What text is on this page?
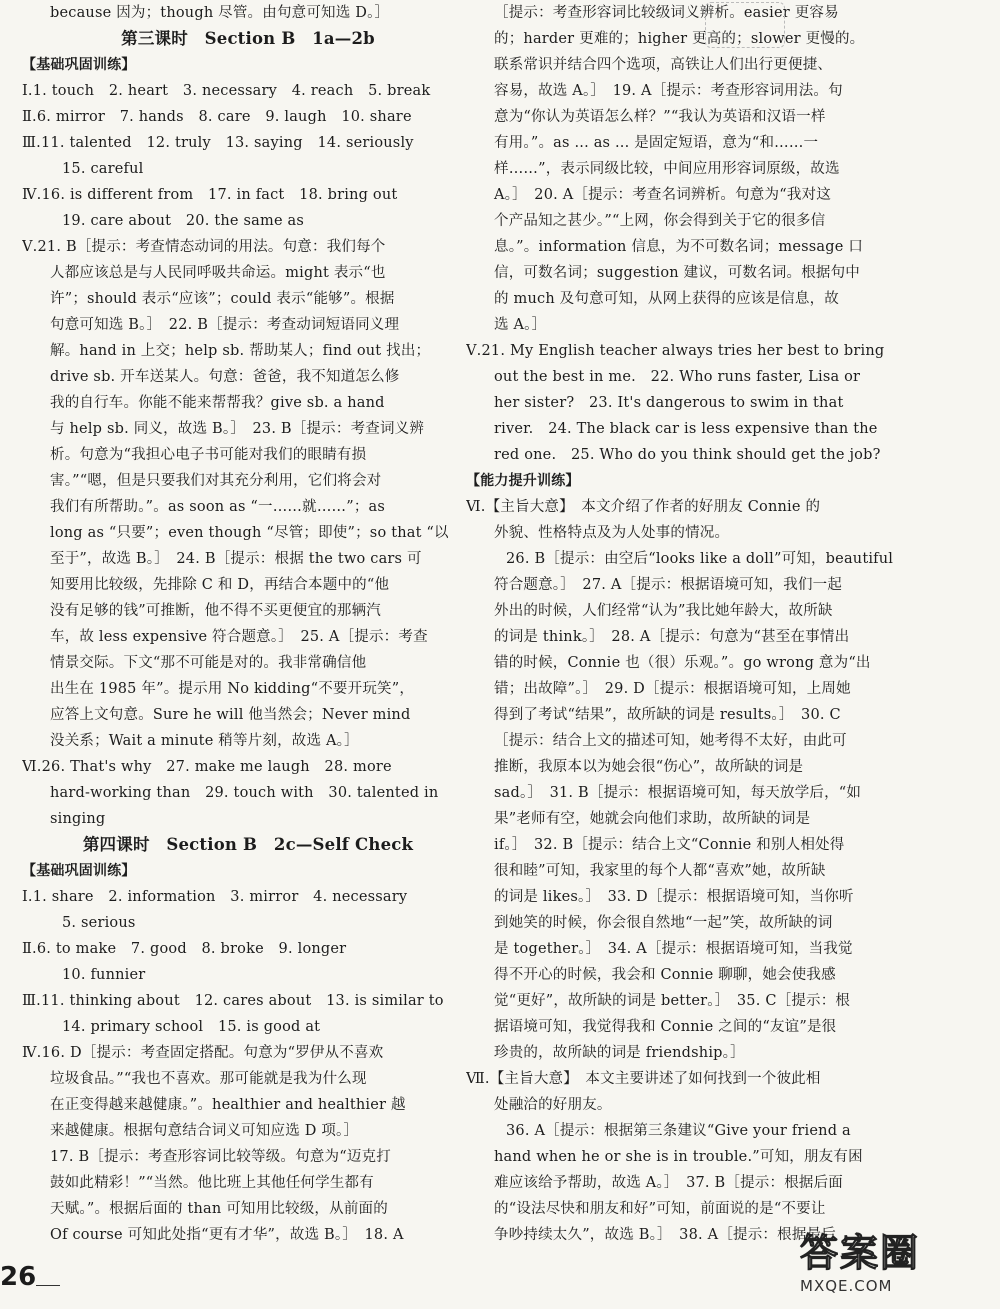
because 因为；though 尽管。由句意可知选 D。］
第三课时　Section B　1a—2b
【基础巩固训练】
Ⅰ.1. touch　2. heart　3. necessary　4. reach　5. break
Ⅱ.6. mirror　7. hands　8. care　9. laugh　10. share
Ⅲ.11. talented　12. truly　13. saying　14. seriously
15. careful
Ⅳ.16. is different from　17. in fact　18. bring out
19. care about　20. the same as
Ⅴ.21. B［提示：考查情态动词的用法。句意：我们每个
人都应该总是与人民同呼吸共命运。might 表示“也
许”；should 表示“应该”；could 表示“能够”。根据
句意可知选 B。］　22. B［提示：考查动词短语同义理
解。hand in 上交；help sb. 帮助某人；find out 找出；
drive sb. 开车送某人。句意：爸爸，我不知道怎么修
我的自行车。你能不能来帮帮我？give sb. a hand
与 help sb. 同义，故选 B。］　23. B［提示：考查词义辨
析。句意为“我担心电子书可能对我们的眼睛有损
害。”“嗯，但是只要我们对其充分利用，它们将会对
我们有所帮助。”。as soon as “一……就……”；as
long as “只要”；even though “尽管；即使”；so that “以
至于”，故选 B。］　24. B［提示：根据 the two cars 可
知要用比较级，先排除 C 和 D，再结合本题中的“他
没有足够的钱”可推断，他不得不买更便宜的那辆汽
车，故 less expensive 符合题意。］　25. A［提示：考查
情景交际。下文“那不可能是对的。我非常确信他
出生在 1985 年”。提示用 No kidding“不要开玩笑”，
应答上文句意。Sure he will 他当然会；Never mind
没关系；Wait a minute 稍等片刻，故选 A。］
Ⅵ.26. That's why　27. make me laugh　28. more
hard-working than　29. touch with　30. talented in
singing
第四课时　Section B　2c—Self Check
【基础巩固训练】
Ⅰ.1. share　2. information　3. mirror　4. necessary
5. serious
Ⅱ.6. to make　7. good　8. broke　9. longer
10. funnier
Ⅲ.11. thinking about　12. cares about　13. is similar to
14. primary school　15. is good at
Ⅳ.16. D［提示：考查固定搭配。句意为“罗伊从不喜欢
垃圾食品。”“我也不喜欢。那可能就是我为什么现
在正变得越来越健康。”。healthier and healthier 越
来越健康。根据句意结合词义可知应选 D 项。］
17. B［提示：考查形容词比较等级。句意为“迈克打
鼓如此精彩！”“当然。他比班上其他任何学生都有
天赋。”。根据后面的 than 可知用比较级，从前面的
Of course 可知此处指“更有才华”，故选 B。］　18. A
［提示：考查形容词比较级词义辨析。easier 更容易
的；harder 更难的；higher 更高的；slower 更慢的。
联系常识并结合四个选项，高铁让人们出行更便捷、
容易，故选 A。］　19. A［提示：考查形容词用法。句
意为“你认为英语怎么样？”“我认为英语和汉语一样
有用。”。as ... as ... 是固定短语，意为“和……一
样……”，表示同级比较，中间应用形容词原级，故选
A。］　20. A［提示：考查名词辨析。句意为“我对这
个产品知之甚少。”“上网，你会得到关于它的很多信
息。”。information 信息，为不可数名词；message 口
信，可数名词；suggestion 建议，可数名词。根据句中
的 much 及句意可知，从网上获得的应该是信息，故
选 A。］
Ⅴ.21. My English teacher always tries her best to bring
out the best in me.　22. Who runs faster, Lisa or
her sister?　23. It's dangerous to swim in that
river.　24. The black car is less expensive than the
red one.　25. Who do you think should get the job?
【能力提升训练】
Ⅵ.【主旨大意】　本文介绍了作者的好朋友 Connie 的
外貌、性格特点及为人处事的情况。
26. B［提示：由空后“looks like a doll”可知，beautiful
符合题意。］　27. A［提示：根据语境可知，我们一起
外出的时候，人们经常“认为”我比她年龄大，故所缺
的词是 think。］　28. A［提示：句意为“甚至在事情出
错的时候，Connie 也（很）乐观。”。go wrong 意为“出
错；出故障”。］　29. D［提示：根据语境可知，上周她
得到了考试“结果”，故所缺的词是 results。］　30. C
［提示：结合上文的描述可知，她考得不太好，由此可
推断，我原本以为她会很“伤心”，故所缺的词是
sad。］　31. B［提示：根据语境可知，每天放学后，“如
果”老师有空，她就会向他们求助，故所缺的词是
if。］　32. B［提示：结合上文“Connie 和别人相处得
很和睦”可知，我家里的每个人都“喜欢”她，故所缺
的词是 likes。］　33. D［提示：根据语境可知，当你听
到她笑的时候，你会很自然地“一起”笑，故所缺的词
是 together。］　34. A［提示：根据语境可知，当我觉
得不开心的时候，我会和 Connie 聊聊，她会使我感
觉“更好”，故所缺的词是 better。］　35. C［提示：根
据语境可知，我觉得我和 Connie 之间的“友谊”是很
珍贵的，故所缺的词是 friendship。］
Ⅶ.【主旨大意】　本文主要讲述了如何找到一个彼此相
处融洽的好朋友。
36. A［提示：根据第三条建议“Give your friend a
hand when he or she is in trouble.”可知，朋友有困
难应该给予帮助，故选 A。］　37. B［提示：根据后面
的“设法尽快和朋友和好”可知，前面说的是“不要让
争吵持续太久”，故选 B。］　38. A［提示：根据最后
26
答案圈
MXQE.COM
